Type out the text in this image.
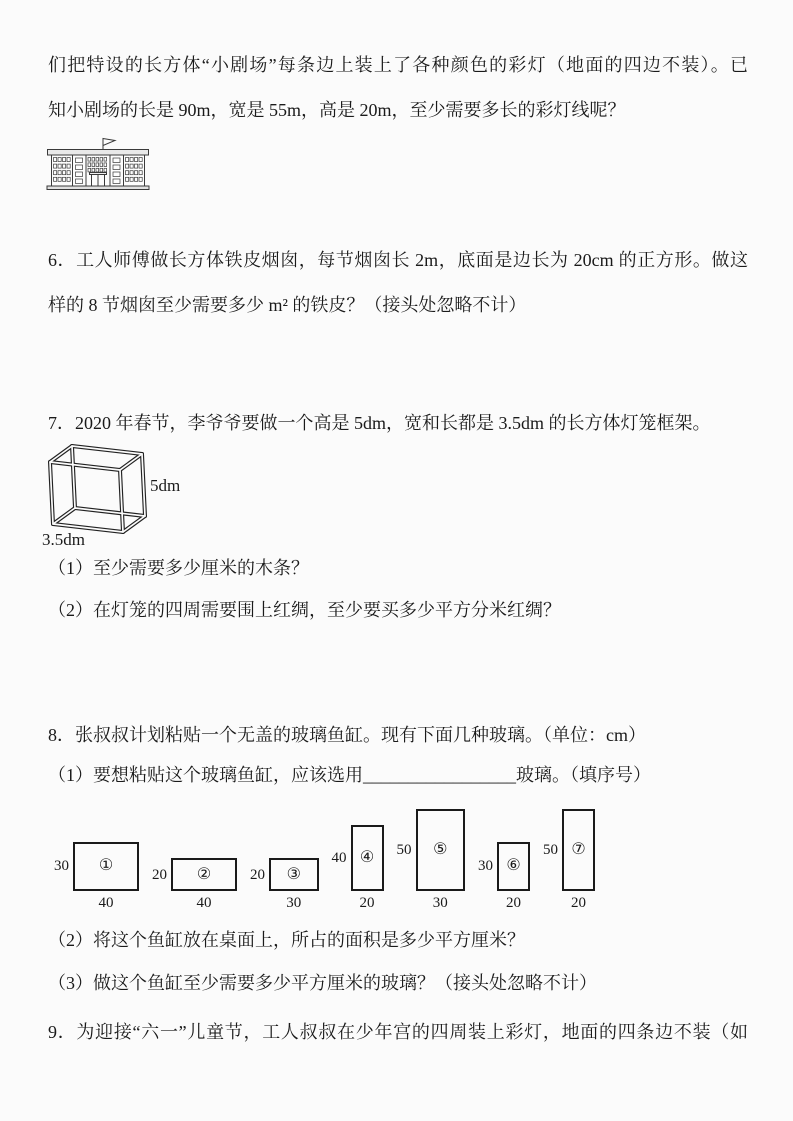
们把特设的长方体“小剧场”每条边上装上了各种颜色的彩灯（地面的四边不装）。已
知小剧场的长是 90m，宽是 55m，高是 20m，至少需要多长的彩灯线呢？
6．工人师傅做长方体铁皮烟囱，每节烟囱长 2m，底面是边长为 20cm 的正方形。做这
样的 8 节烟囱至少需要多少 m² 的铁皮？（接头处忽略不计）
7．2020 年春节，李爷爷要做一个高是 5dm，宽和长都是 3.5dm 的长方体灯笼框架。
5dm
3.5dm
（1）至少需要多少厘米的木条？
（2）在灯笼的四周需要围上红绸，至少要买多少平方分米红绸？
8．张叔叔计划粘贴一个无盖的玻璃鱼缸。现有下面几种玻璃。（单位：cm）
（1）要想粘贴这个玻璃鱼缸，应该选用_________________玻璃。（填序号）
①
30
40
②
20
40
③
20
30
④
40
20
⑤
50
30
⑥
30
20
⑦
50
20
（2）将这个鱼缸放在桌面上，所占的面积是多少平方厘米？
（3）做这个鱼缸至少需要多少平方厘米的玻璃？（接头处忽略不计）
9．为迎接“六一”儿童节，工人叔叔在少年宫的四周装上彩灯，地面的四条边不装（如
